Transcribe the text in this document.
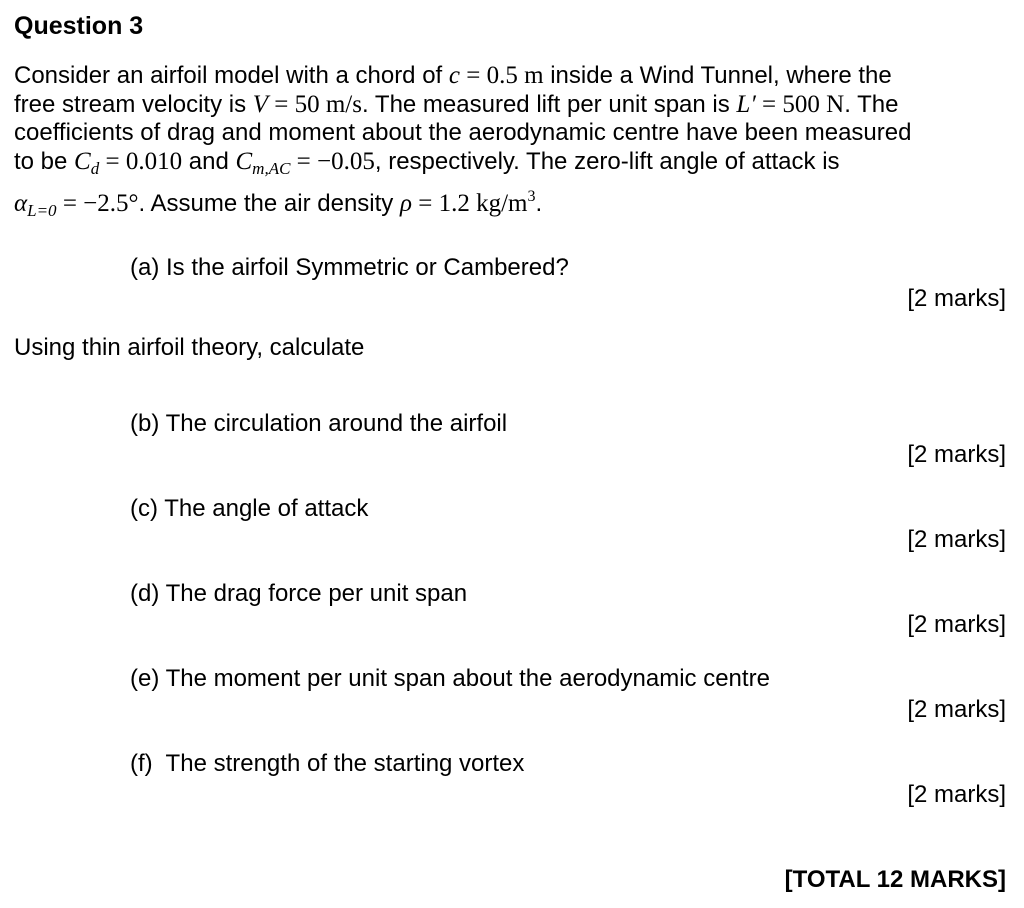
Question 3
Consider an airfoil model with a chord of c = 0.5 m inside a Wind Tunnel, where the
free stream velocity is V = 50 m/s. The measured lift per unit span is L′ = 500 N. The
coefficients of drag and moment about the aerodynamic centre have been measured
to be $C_d = 0.010$ and $C_{m,AC} = -0.05$, respectively. The zero-lift angle of attack is
$\alpha_{L=0} = -2.5^\circ$. Assume the air density ρ = 1.2 $kg/m^3$.
(a) Is the airfoil Symmetric or Cambered?
[2 marks]
Using thin airfoil theory, calculate
(b) The circulation around the airfoil
[2 marks]
(c) The angle of attack
[2 marks]
(d) The drag force per unit span
[2 marks]
(e) The moment per unit span about the aerodynamic centre
[2 marks]
(f)  The strength of the starting vortex
[2 marks]
[TOTAL 12 MARKS]
